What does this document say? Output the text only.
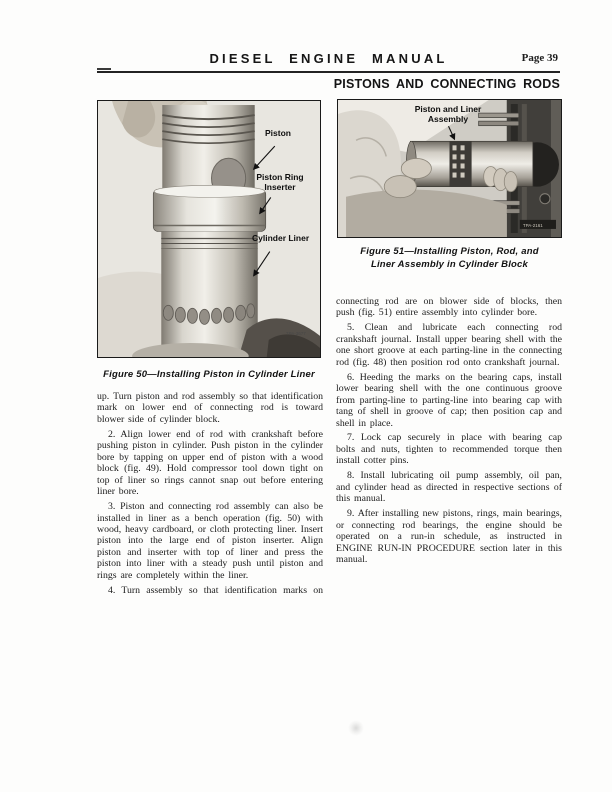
DIESEL ENGINE MANUAL	Page 39
PISTONS AND CONNECTING RODS
TPA-3677
Piston
Piston Ring
Inserter
Cylinder Liner
Figure 50—Installing Piston in Cylinder Liner
TPA-2161
Piston and Liner
Assembly
Figure 51—Installing Piston, Rod, and
Liner Assembly in Cylinder Block

up. Turn piston and rod assembly so that identification mark on lower end of connecting rod is toward blower side of cylinder block.

2. Align lower end of rod with crankshaft before pushing piston in cylinder. Push piston in the cylinder bore by tapping on upper end of piston with a wood block (fig. 49). Hold compressor tool down tight on top of liner so rings cannot snap out before entering liner bore.

3. Piston and connecting rod assembly can also be installed in liner as a bench operation (fig. 50) with wood, heavy cardboard, or cloth protecting liner. Insert piston into the large end of piston inserter. Align piston and inserter with top of liner and press the piston into liner with a steady push until piston and rings are completely within the liner.

4. Turn assembly so that identification marks on

connecting rod are on blower side of blocks, then push (fig. 51) entire assembly into cylinder bore.

5. Clean and lubricate each connecting rod crankshaft journal. Install upper bearing shell with the one short groove at each parting-line in the connecting rod (fig. 48) then position rod onto crankshaft journal.

6. Heeding the marks on the bearing caps, install lower bearing shell with the one continuous groove from parting-line to parting-line into bearing cap with tang of shell in groove of cap; then position cap and shell in place.

7. Lock cap securely in place with bearing cap bolts and nuts, tighten to recommended torque then install cotter pins.

8. Install lubricating oil pump assembly, oil pan, and cylinder head as directed in respective sections of this manual.

9. After installing new pistons, rings, main bearings, or connecting rod bearings, the engine should be operated on a run-in schedule, as instructed in ENGINE RUN-IN PROCEDURE section later in this manual.
